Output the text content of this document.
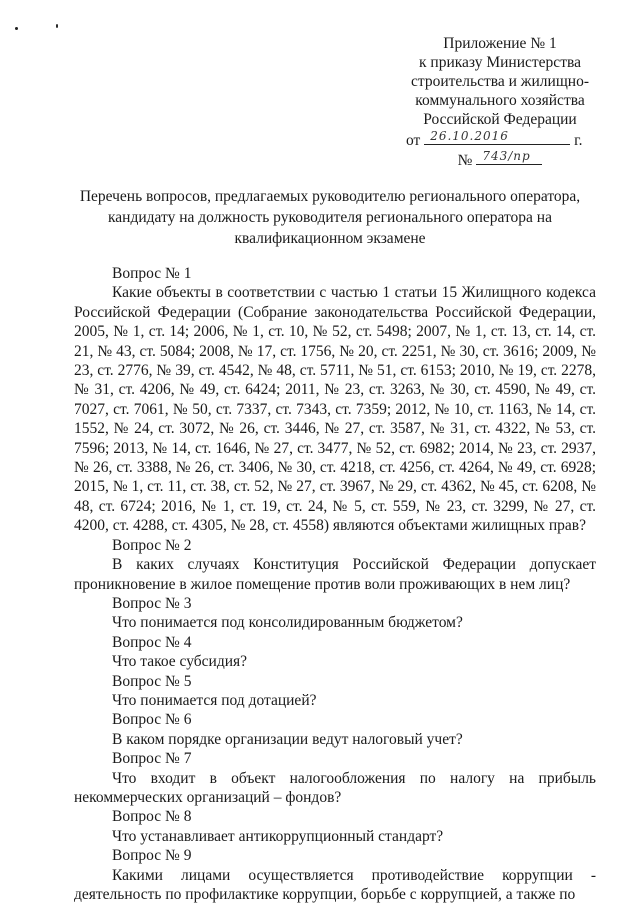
Приложение № 1
к приказу Министерства
строительства и жилищно-
коммунального хозяйства
Российской Федерации
от 26.10.2016	г.
№ 743/пр
Перечень вопросов, предлагаемых руководителю регионального оператора,
кандидату на должность руководителя регионального оператора на
квалификационном экзамене
Вопрос № 1
Какие объекты в соответствии с частью 1 статьи 15 Жилищного кодекса Российской Федерации (Собрание законодательства Российской Федерации, 2005, № 1, ст. 14; 2006, № 1, ст. 10, № 52, ст. 5498; 2007, № 1, ст. 13, ст. 14, ст. 21, № 43, ст. 5084; 2008, № 17, ст. 1756, № 20, ст. 2251, № 30, ст. 3616; 2009, № 23, ст. 2776, № 39, ст. 4542, № 48, ст. 5711, № 51, ст. 6153; 2010, № 19, ст. 2278, № 31, ст. 4206, № 49, ст. 6424; 2011, № 23, ст. 3263, № 30, ст. 4590, № 49, ст. 7027, ст. 7061, № 50, ст. 7337, ст. 7343, ст. 7359; 2012, № 10, ст. 1163, № 14, ст. 1552, № 24, ст. 3072, № 26, ст. 3446, № 27, ст. 3587, № 31, ст. 4322, № 53, ст. 7596; 2013, № 14, ст. 1646, № 27, ст. 3477, № 52, ст. 6982; 2014, № 23, ст. 2937, № 26, ст. 3388, № 26, ст. 3406, № 30, ст. 4218, ст. 4256, ст. 4264, № 49, ст. 6928; 2015, № 1, ст. 11, ст. 38, ст. 52, № 27, ст. 3967, № 29, ст. 4362, № 45, ст. 6208, № 48, ст. 6724; 2016, № 1, ст. 19, ст. 24, № 5, ст. 559, № 23, ст. 3299, № 27, ст. 4200, ст. 4288, ст. 4305, № 28, ст. 4558) являются объектами жилищных прав?
Вопрос № 2
В каких случаях Конституция Российской Федерации допускает проникновение в жилое помещение против воли проживающих в нем лиц?
Вопрос № 3
Что понимается под консолидированным бюджетом?
Вопрос № 4
Что такое субсидия?
Вопрос № 5
Что понимается под дотацией?
Вопрос № 6
В каком порядке организации ведут налоговый учет?
Вопрос № 7
Что входит в объект налогообложения по налогу на прибыль некоммерческих организаций – фондов?
Вопрос № 8
Что устанавливает антикоррупционный стандарт?
Вопрос № 9
Какими лицами осуществляется противодействие коррупции - деятельность по профилактике коррупции, борьбе с коррупцией, а также по
